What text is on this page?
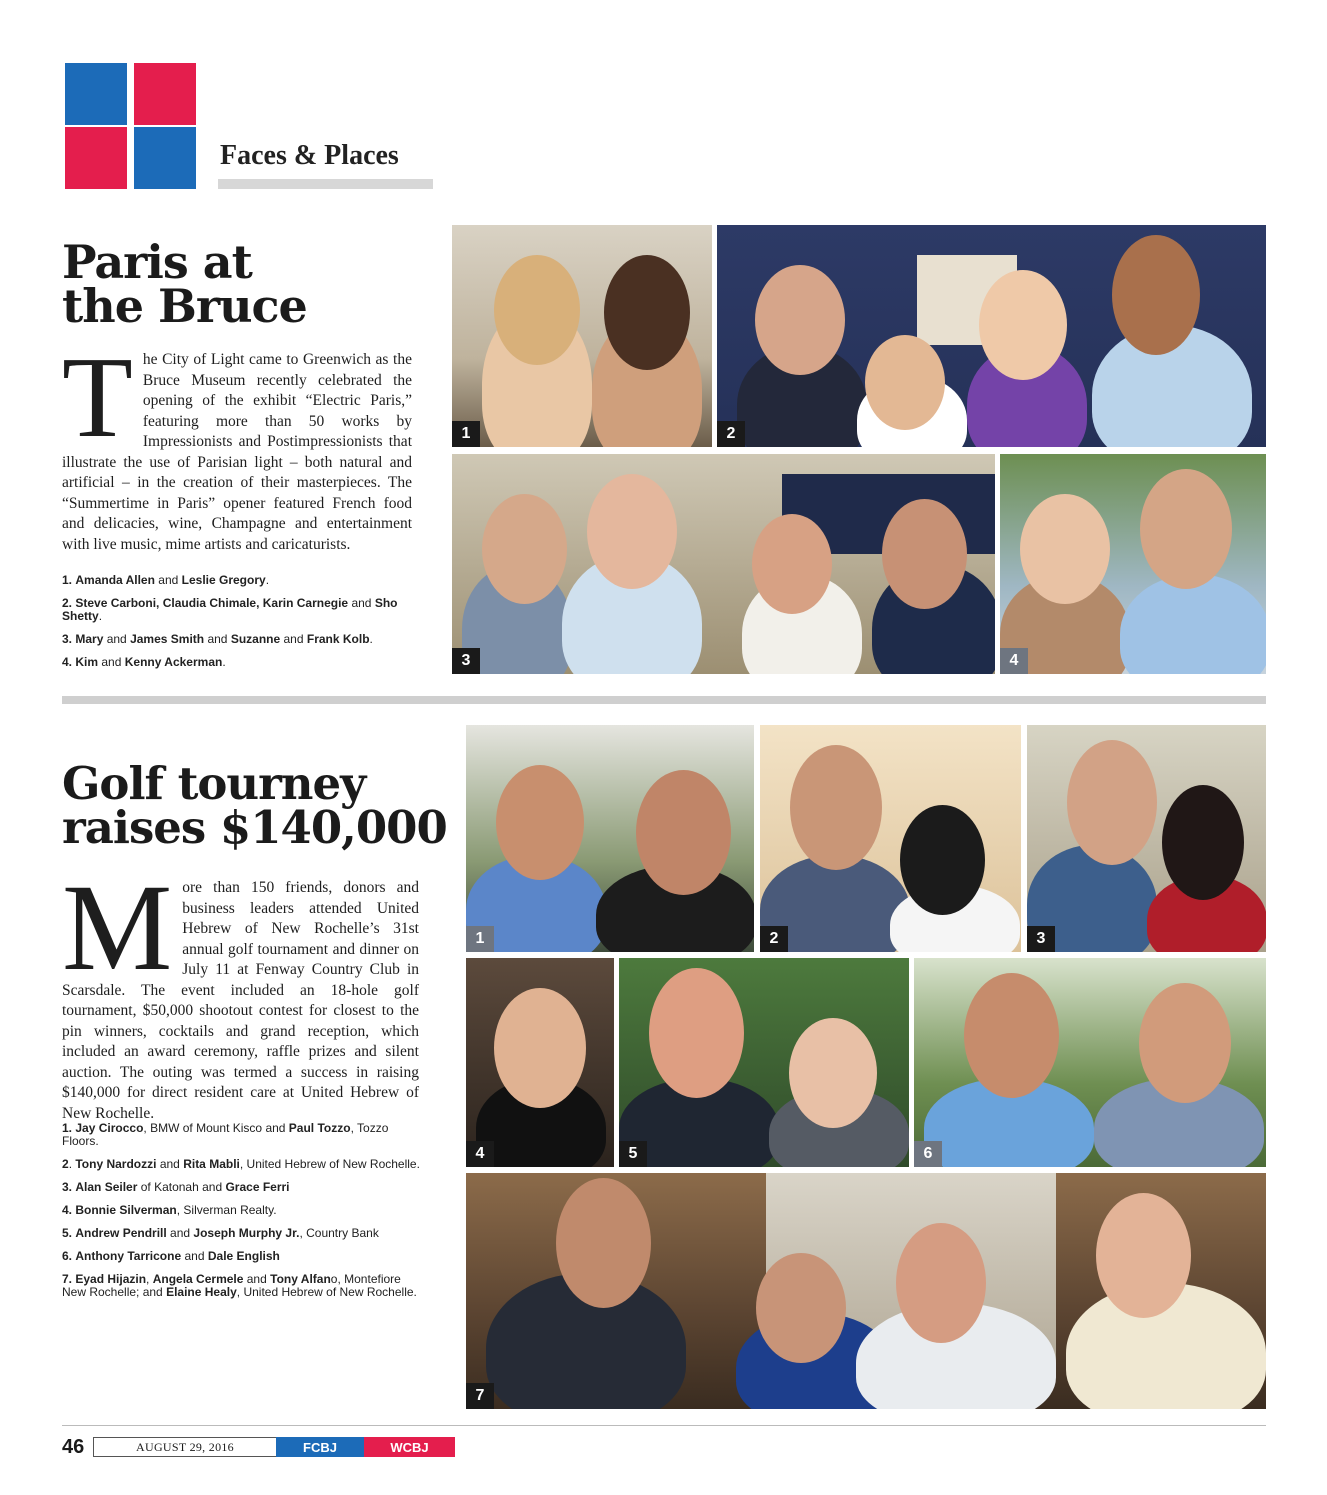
Faces & Places
Paris at
the Bruce

The City of Light came to Greenwich as the Bruce Museum recently celebrated the opening of the exhibit “Electric Paris,” featuring more than 50 works by Impressionists and Postimpressionists that illustrate the use of Parisian light – both natural and artificial – in the creation of their masterpieces. The “Summertime in Paris” opener featured French food and delicacies, wine, Champagne and entertainment with live music, mime artists and caricaturists.

1. Amanda Allen and Leslie Gregory.

2. Steve Carboni, Claudia Chimale, Karin Carnegie and Sho Shetty.

3. Mary and James Smith and Suzanne and Frank Kolb.

4. Kim and Kenny Ackerman.

1	2
3	4
Golf tourney
raises $140,000

More than 150 friends, donors and business leaders attended United Hebrew of New Rochelle’s 31st annual golf tournament and dinner on July 11 at Fenway Country Club in Scarsdale. The event included an 18-hole golf tournament, $50,000 shootout contest for closest to the pin winners, cocktails and grand reception, which included an award ceremony, raffle prizes and silent auction. The outing was termed a success in raising $140,000 for direct resident care at United Hebrew of New Rochelle.

1. Jay Cirocco, BMW of Mount Kisco and Paul Tozzo, Tozzo Floors.

2. Tony Nardozzi and Rita Mabli, United Hebrew of New Rochelle.

3. Alan Seiler of Katonah and Grace Ferri

4. Bonnie Silverman, Silverman Realty.

5. Andrew Pendrill and Joseph Murphy Jr., Country Bank

6. Anthony Tarricone and Dale English

7. Eyad Hijazin, Angela Cermele and Tony Alfano, Montefiore New Rochelle; and Elaine Healy, United Hebrew of New Rochelle.

1	2	3
4	5	6
7
46	AUGUST 29, 2016	FCBJ	WCBJ
